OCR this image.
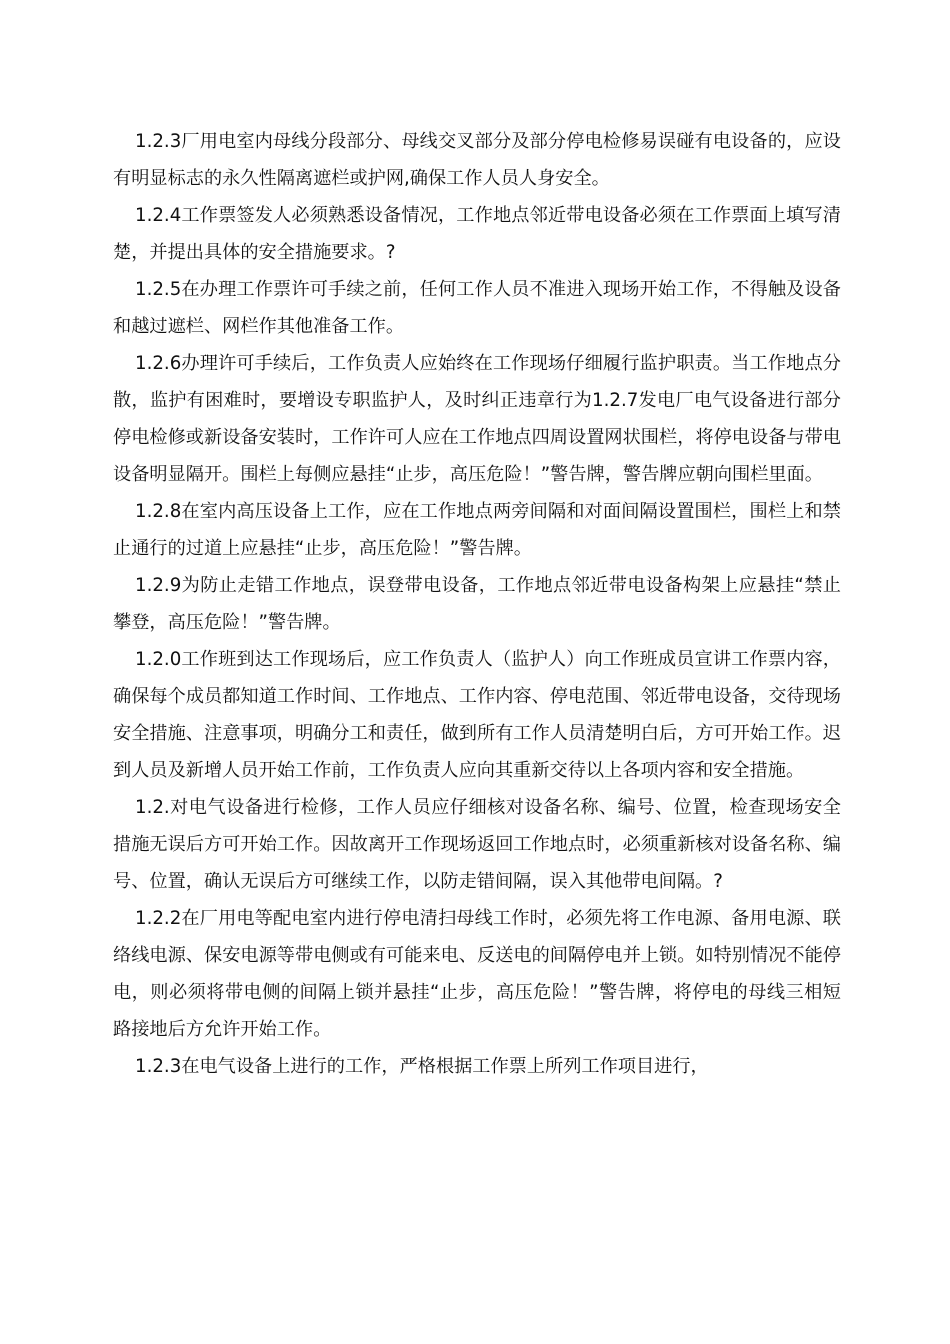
1.2.3厂用电室内母线分段部分、母线交叉部分及部分停电检修易误碰有电设备的，应设有明显标志的永久性隔离遮栏或护网,确保工作人员人身安全。

1.2.4工作票签发人必须熟悉设备情况，工作地点邻近带电设备必须在工作票面上填写清楚，并提出具体的安全措施要求。?

1.2.5在办理工作票许可手续之前，任何工作人员不准进入现场开始工作，不得触及设备和越过遮栏、网栏作其他准备工作。

1.2.6办理许可手续后，工作负责人应始终在工作现场仔细履行监护职责。当工作地点分散，监护有困难时，要增设专职监护人，及时纠正违章行为1.2.7发电厂电气设备进行部分停电检修或新设备安装时，工作许可人应在工作地点四周设置网状围栏，将停电设备与带电设备明显隔开。围栏上每侧应悬挂“止步，高压危险！”警告牌，警告牌应朝向围栏里面。

1.2.8在室内高压设备上工作，应在工作地点两旁间隔和对面间隔设置围栏，围栏上和禁止通行的过道上应悬挂“止步，高压危险！”警告牌。

1.2.9为防止走错工作地点，误登带电设备，工作地点邻近带电设备构架上应悬挂“禁止攀登，高压危险！”警告牌。

1.2.0工作班到达工作现场后，应工作负责人（监护人）向工作班成员宣讲工作票内容，确保每个成员都知道工作时间、工作地点、工作内容、停电范围、邻近带电设备，交待现场安全措施、注意事项，明确分工和责任，做到所有工作人员清楚明白后，方可开始工作。迟到人员及新增人员开始工作前，工作负责人应向其重新交待以上各项内容和安全措施。

1.2.对电气设备进行检修，工作人员应仔细核对设备名称、编号、位置，检查现场安全措施无误后方可开始工作。因故离开工作现场返回工作地点时，必须重新核对设备名称、编号、位置，确认无误后方可继续工作，以防走错间隔，误入其他带电间隔。?

1.2.2在厂用电等配电室内进行停电清扫母线工作时，必须先将工作电源、备用电源、联络线电源、保安电源等带电侧或有可能来电、反送电的间隔停电并上锁。如特别情况不能停电，则必须将带电侧的间隔上锁并悬挂“止步，高压危险！”警告牌，将停电的母线三相短路接地后方允许开始工作。

1.2.3在电气设备上进行的工作，严格根据工作票上所列工作项目进行，
